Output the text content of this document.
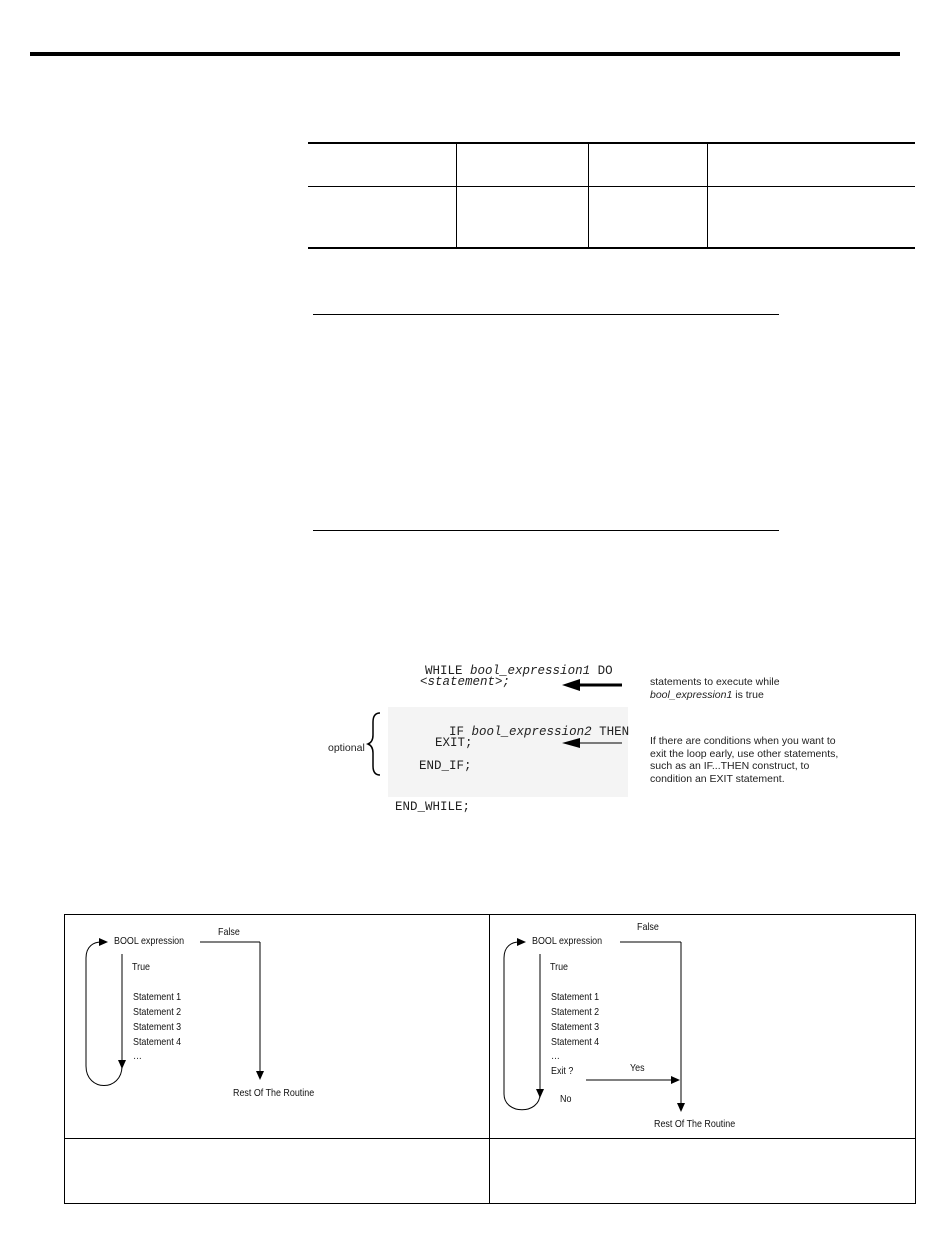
WHILE bool_expression1 DO

<statement>;

IF bool_expression2 THEN

EXIT;
END_IF;
END_WHILE;
optional
statements to execute while
bool_expression1 is true
If there are conditions when you want to
exit the loop early, use other statements,
such as an IF...THEN construct, to
condition an EXIT statement.
BOOL expression
False
True
Statement 1
Statement 2
Statement 3
Statement 4
…
Rest Of The Routine
BOOL expression
False
True
Statement 1
Statement 2
Statement 3
Statement 4
…
Exit ?	Yes
No
Rest Of The Routine
